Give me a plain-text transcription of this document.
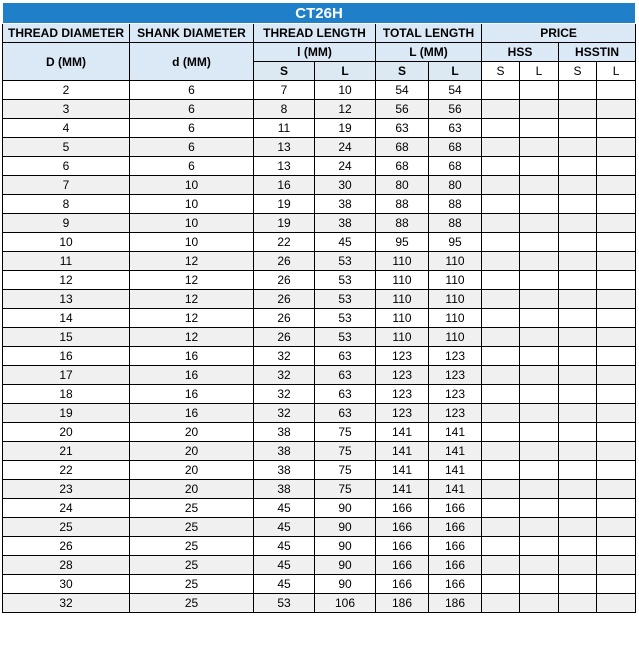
CT26H									
THREAD DIAMETER	SHANK DIAMETER	THREAD LENGTH		TOTAL LENGTH		PRICE			
D (MM)	d (MM)	l (MM)		L (MM)		HSS		HSSTIN	
		S	L	S	L	S	L	S	L
2	6	7	10	54	54				
3	6	8	12	56	56				
4	6	11	19	63	63				
5	6	13	24	68	68				
6	6	13	24	68	68				
7	10	16	30	80	80				
8	10	19	38	88	88				
9	10	19	38	88	88				
10	10	22	45	95	95				
11	12	26	53	110	110				
12	12	26	53	110	110				
13	12	26	53	110	110				
14	12	26	53	110	110				
15	12	26	53	110	110				
16	16	32	63	123	123				
17	16	32	63	123	123				
18	16	32	63	123	123				
19	16	32	63	123	123				
20	20	38	75	141	141				
21	20	38	75	141	141				
22	20	38	75	141	141				
23	20	38	75	141	141				
24	25	45	90	166	166				
25	25	45	90	166	166				
26	25	45	90	166	166				
28	25	45	90	166	166				
30	25	45	90	166	166				
32	25	53	106	186	186				
